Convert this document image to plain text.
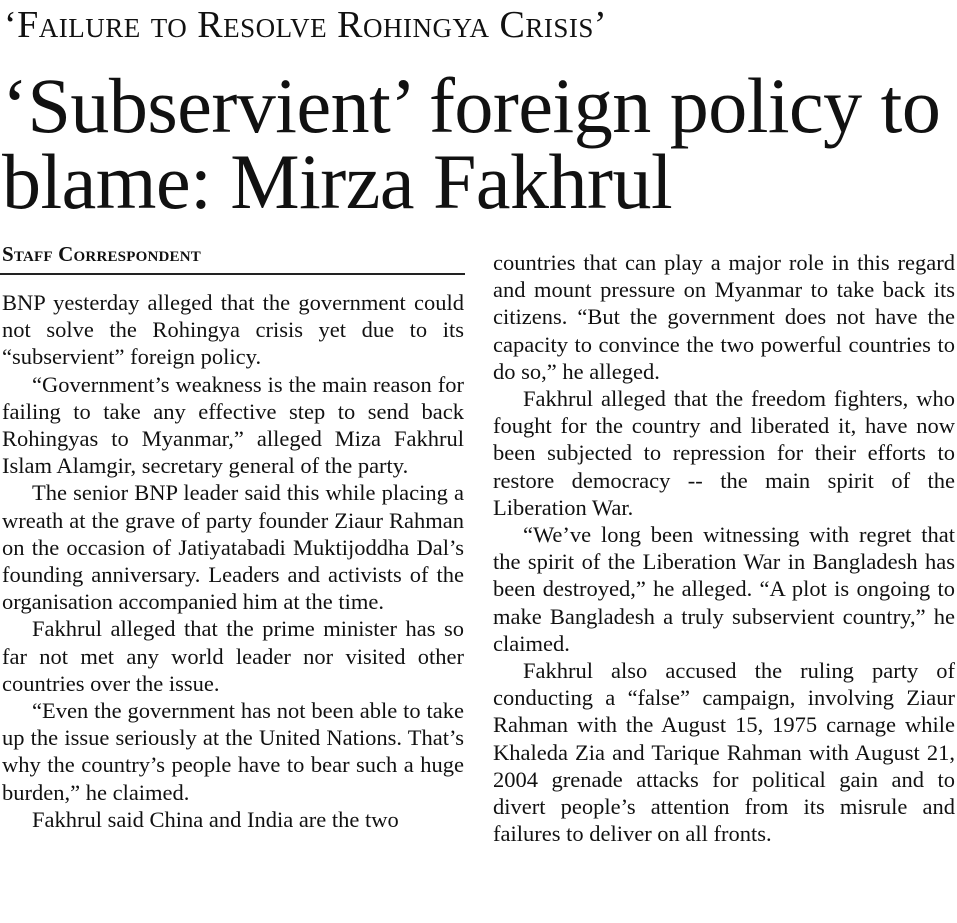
‘Failure to Resolve Rohingya Crisis’
‘Subservient’ foreign policy to blame: Mirza Fakhrul
Staff Correspondent

BNP yesterday alleged that the government could not solve the Rohingya crisis yet due to its “subservient” foreign policy.

“Government’s weakness is the main reason for failing to take any effective step to send back Rohingyas to Myanmar,” alleged Miza Fakhrul Islam Alamgir, secretary general of the party.

The senior BNP leader said this while placing a wreath at the grave of party founder Ziaur Rahman on the occasion of Jatiyatabadi Muktijoddha Dal’s founding anniversary. Leaders and activists of the organisation accompanied him at the time.

Fakhrul alleged that the prime minister has so far not met any world leader nor visited other countries over the issue.

“Even the government has not been able to take up the issue seriously at the United Nations. That’s why the country’s people have to bear such a huge burden,” he claimed.

Fakhrul said China and India are the two

countries that can play a major role in this regard and mount pressure on Myanmar to take back its citizens. “But the government does not have the capacity to convince the two powerful countries to do so,” he alleged.

Fakhrul alleged that the freedom fighters, who fought for the country and liberated it, have now been subjected to repression for their efforts to restore democracy -- the main spirit of the Liberation War.

“We’ve long been witnessing with regret that the spirit of the Liberation War in Bangladesh has been destroyed,” he alleged. “A plot is ongoing to make Bangladesh a truly subservient country,” he claimed.

Fakhrul also accused the ruling party of conducting a “false” campaign, involving Ziaur Rahman with the August 15, 1975 carnage while Khaleda Zia and Tarique Rahman with August 21, 2004 grenade attacks for political gain and to divert people’s attention from its misrule and failures to deliver on all fronts.
